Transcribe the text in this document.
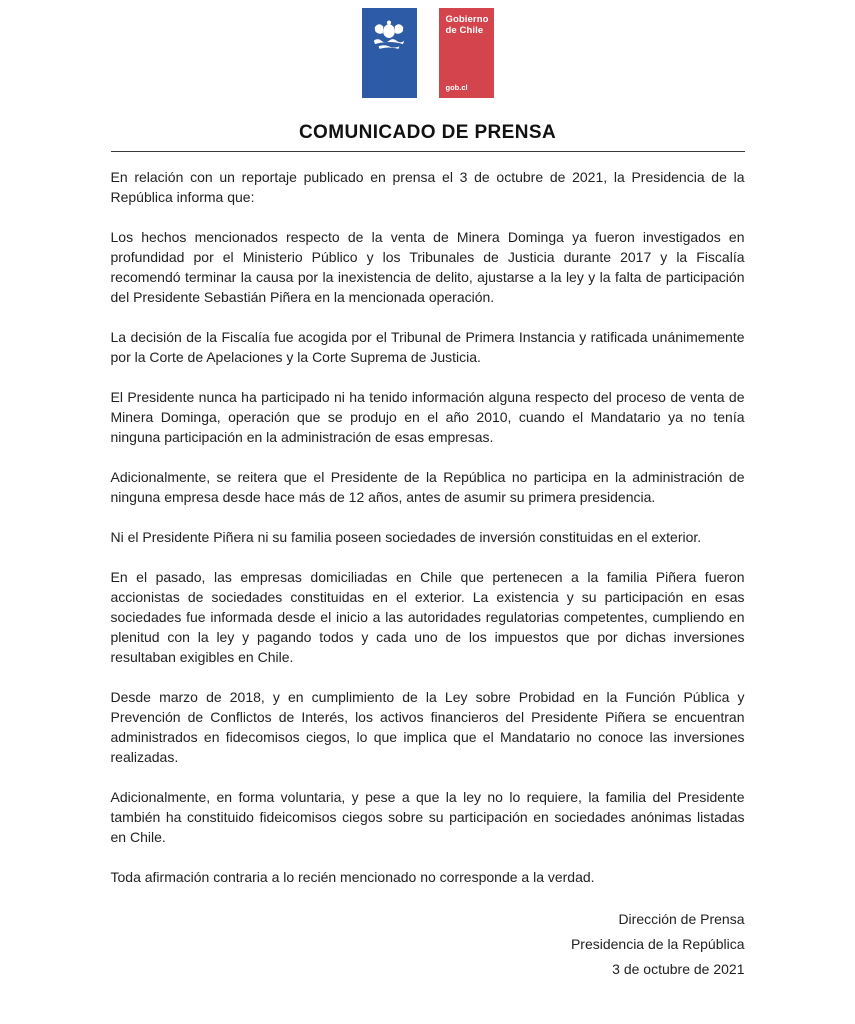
Gobierno
de Chile
gob.cl
COMUNICADO DE PRENSA

En relación con un reportaje publicado en prensa el 3 de octubre de 2021, la Presidencia de la República informa que:

Los hechos mencionados respecto de la venta de Minera Dominga ya fueron investigados en profundidad por el Ministerio Público y los Tribunales de Justicia durante 2017 y la Fiscalía recomendó terminar la causa por la inexistencia de delito, ajustarse a la ley y la falta de participación del Presidente Sebastián Piñera en la mencionada operación.

La decisión de la Fiscalía fue acogida por el Tribunal de Primera Instancia y ratificada unánimemente por la Corte de Apelaciones y la Corte Suprema de Justicia.

El Presidente nunca ha participado ni ha tenido información alguna respecto del proceso de venta de Minera Dominga, operación que se produjo en el año 2010, cuando el Mandatario ya no tenía ninguna participación en la administración de esas empresas.

Adicionalmente, se reitera que el Presidente de la República no participa en la administración de ninguna empresa desde hace más de 12 años, antes de asumir su primera presidencia.

Ni el Presidente Piñera ni su familia poseen sociedades de inversión constituidas en el exterior.

En el pasado, las empresas domiciliadas en Chile que pertenecen a la familia Piñera fueron accionistas de sociedades constituidas en el exterior. La existencia y su participación en esas sociedades fue informada desde el inicio a las autoridades regulatorias competentes, cumpliendo en plenitud con la ley y pagando todos y cada uno de los impuestos que por dichas inversiones resultaban exigibles en Chile.

Desde marzo de 2018, y en cumplimiento de la Ley sobre Probidad en la Función Pública y Prevención de Conflictos de Interés, los activos financieros del Presidente Piñera se encuentran administrados en fidecomisos ciegos, lo que implica que el Mandatario no conoce las inversiones realizadas.

Adicionalmente, en forma voluntaria, y pese a que la ley no lo requiere, la familia del Presidente también ha constituido fideicomisos ciegos sobre su participación en sociedades anónimas listadas en Chile.

Toda afirmación contraria a lo recién mencionado no corresponde a la verdad.

Dirección de Prensa
Presidencia de la República
3 de octubre de 2021
